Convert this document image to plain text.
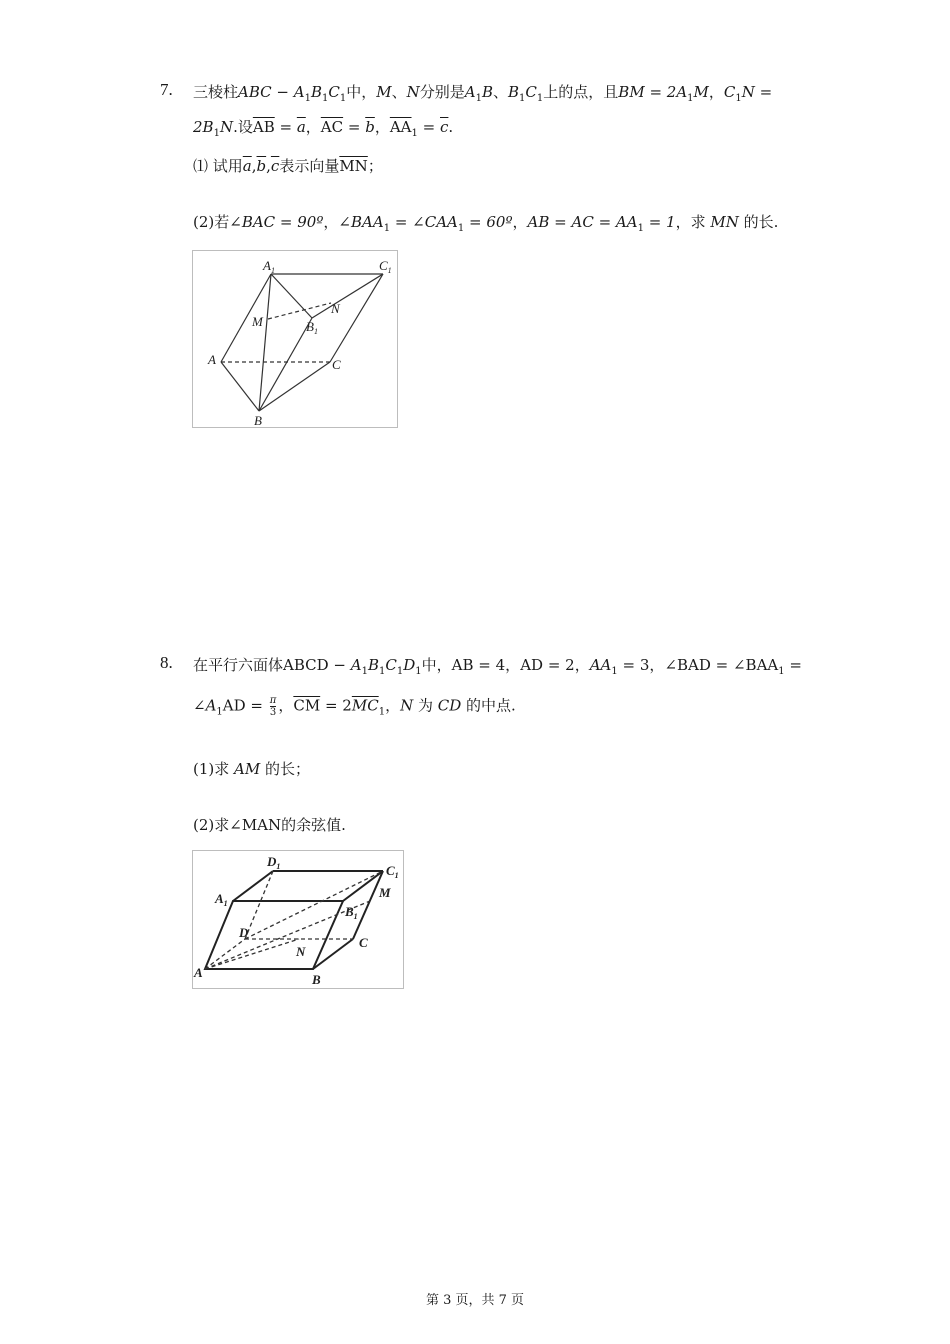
7. 三棱柱ABC − $A_1B_1C_1$中，M、N分别是$A_1B$、$B_1C_1$上的点，且BM = $2A_1M$，$C_1N$ =
$2B_1N$.设$\overline{AB} = \overline{a}$，$\overline{AC} = \overline{b}$，$\overline{AA}_1 = \overline{c}$.
⑴ 试用$\overline{a},\overline{b},\overline{c}$表示向量$\overline{MN}$；
(2)若∠BAC = 90º，$\angle BAA_1$ = $\angle CAA_1$ = 60º，AB = AC = $AA_1 = 1$，求 MN 的长.
$A_1$	$C_1$
M
N
$B_1$
A	C
B
8. 在平行六面体ABCD − $A_1B_1C_1D_1$中，AB = 4，AD = 2，$AA_1 = 3$，∠BAD = $\angle BAA_1$ =
$\angle A_1AD = \frac{\pi}{3}$ ，$\overline{CM} = 2\overline{MC}_1$，N 为 CD 的中点.
(1)求 AM 的长；
(2)求∠MAN的余弦值.
$D_1$	$C_1$
$A_1$
M
$B_1$
D
C
N
A	B
第 3 页，共 7 页
